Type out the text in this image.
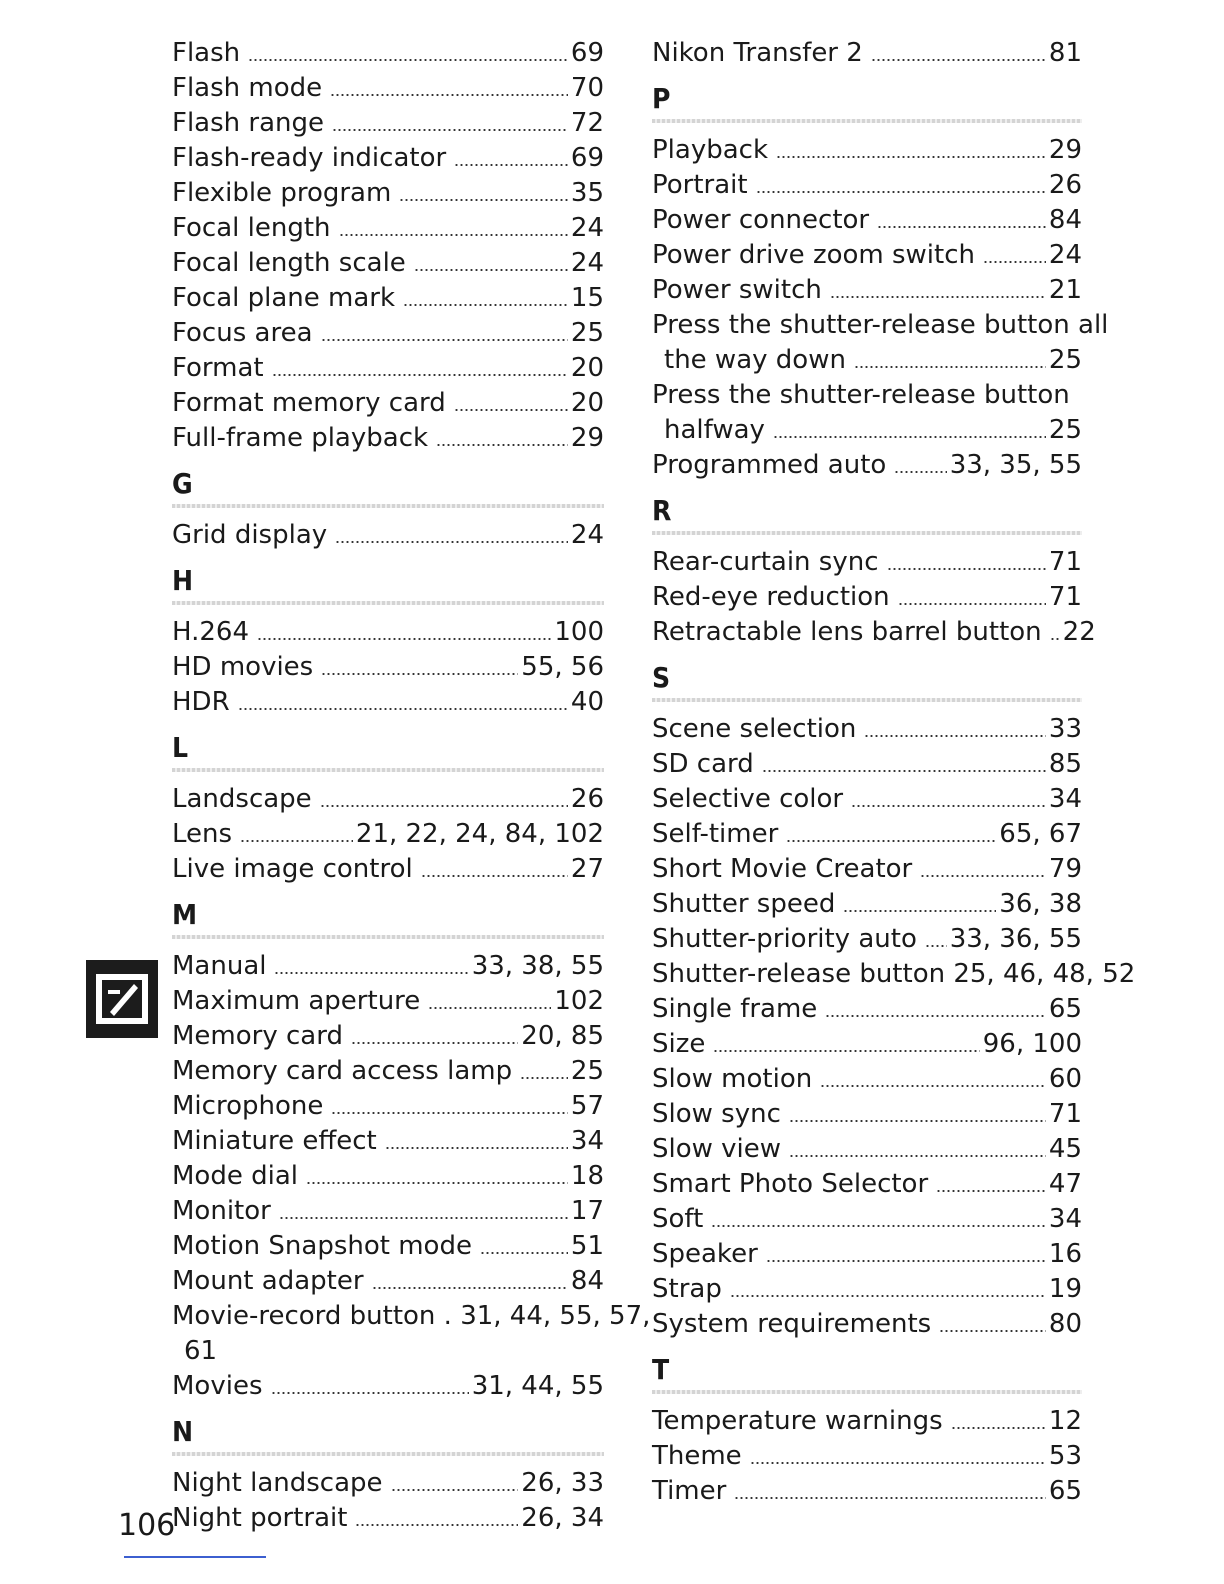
Flash	69
Flash mode	70
Flash range	72
Flash-ready indicator	69
Flexible program	35
Focal length	24
Focal length scale	24
Focal plane mark	15
Focus area	25
Format	20
Format memory card	20
Full-frame playback	29
G
Grid display	24
H
H.264	100
HD movies	55, 56
HDR	40
L
Landscape	26
Lens	21, 22, 24, 84, 102
Live image control	27
M
Manual	33, 38, 55
Maximum aperture	102
Memory card	20, 85
Memory card access lamp 25
Microphone	57
Miniature effect	34
Mode dial	18
Monitor	17
Motion Snapshot mode	51
Mount adapter	84
Movie-record button . 31, 44, 55, 57,
61
Movies	31, 44, 55
N
Night landscape	26, 33
Night portrait	26, 34
Nikon Transfer 2	81
P
Playback	29
Portrait	26
Power connector	84
Power drive zoom switch	24
Power switch	21
Press the shutter-release button all
the way down	25
Press the shutter-release button
halfway	25
Programmed auto 33, 35, 55
R
Rear-curtain sync	71
Red-eye reduction	71
Retractable lens barrel button 22
S
Scene selection	33
SD card	85
Selective color	34
Self-timer	65, 67
Short Movie Creator	79
Shutter speed	36, 38
Shutter-priority auto 33, 36, 55
Shutter-release button 25, 46, 48, 52
Single frame	65
Size	96, 100
Slow motion	60
Slow sync	71
Slow view	45
Smart Photo Selector	47
Soft	34
Speaker	16
Strap	19
System requirements	80
T
Temperature warnings	12
Theme	53
Timer	65
106
